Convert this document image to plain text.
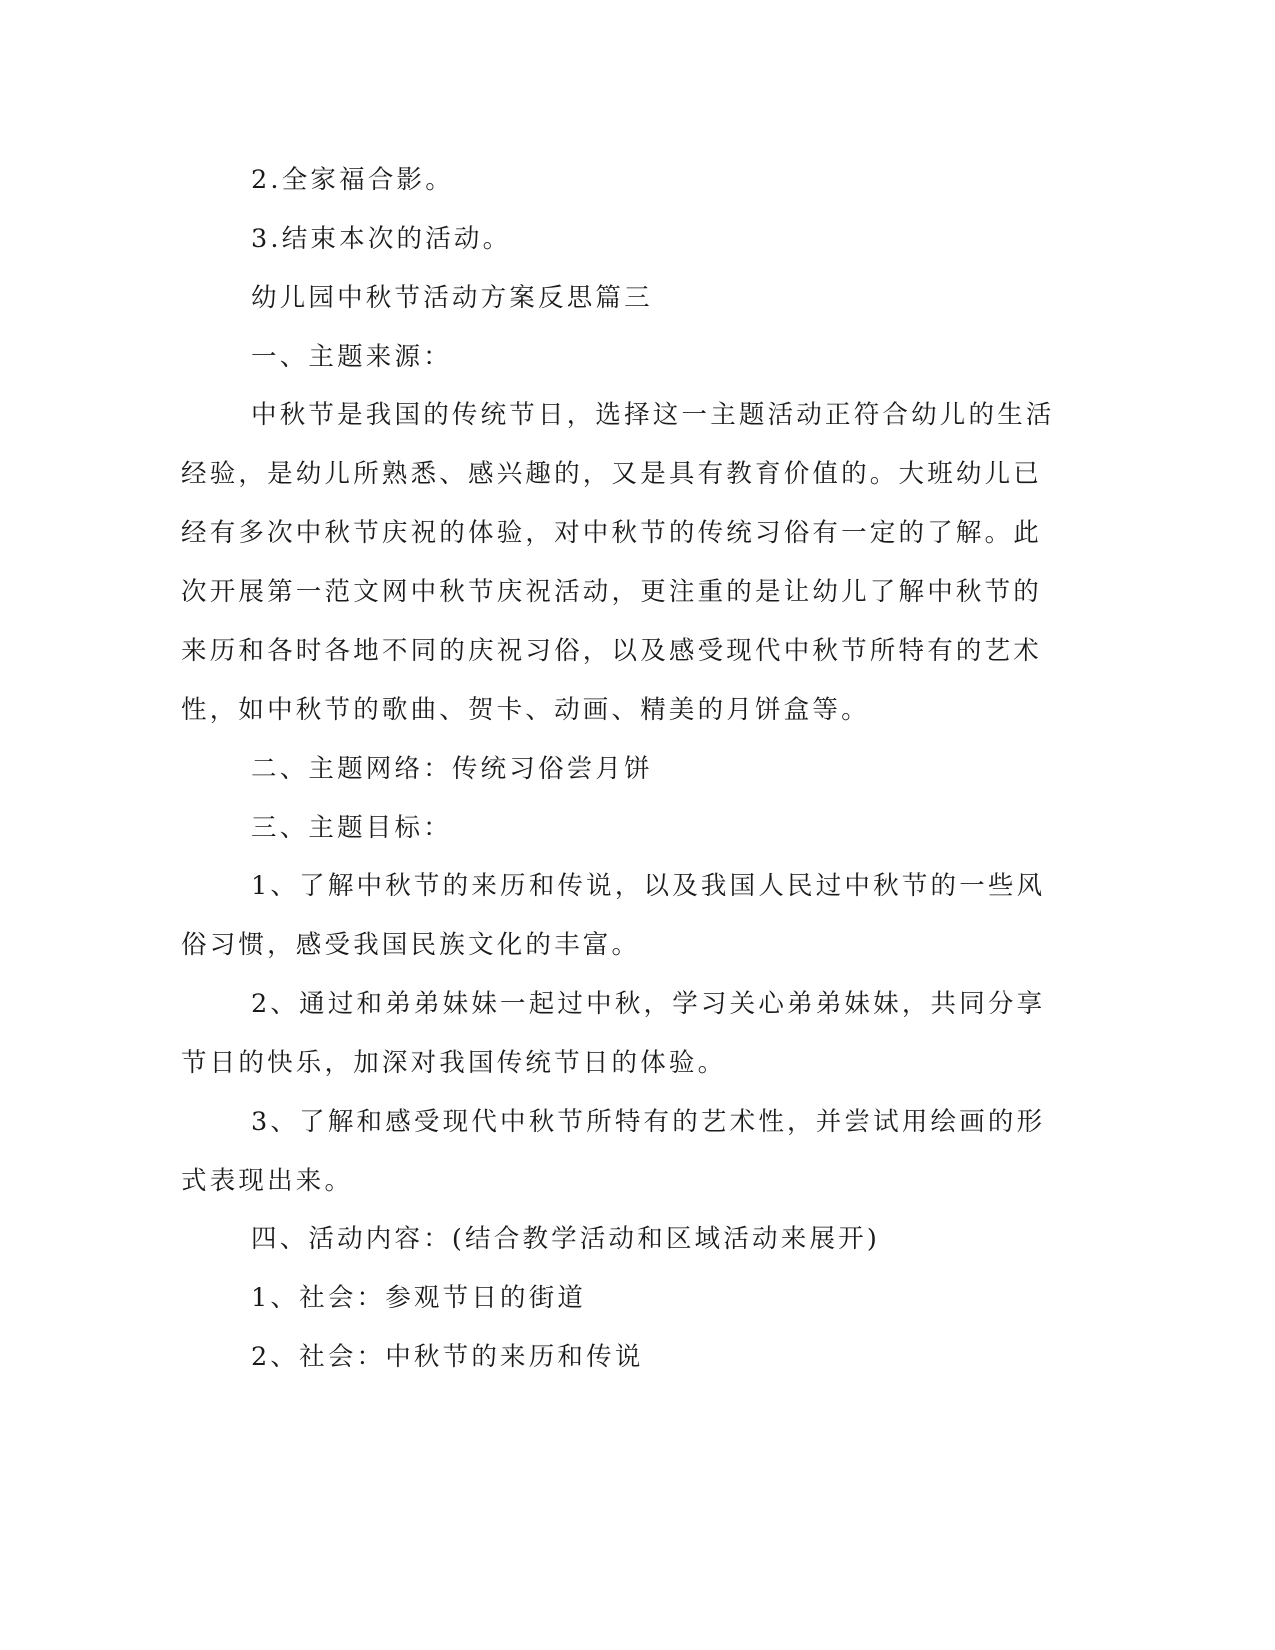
2.全家福合影。
3.结束本次的活动。
幼儿园中秋节活动方案反思篇三
一、主题来源：
中秋节是我国的传统节日，选择这一主题活动正符合幼儿的生活
经验，是幼儿所熟悉、感兴趣的，又是具有教育价值的。大班幼儿已
经有多次中秋节庆祝的体验，对中秋节的传统习俗有一定的了解。此
次开展第一范文网中秋节庆祝活动，更注重的是让幼儿了解中秋节的
来历和各时各地不同的庆祝习俗，以及感受现代中秋节所特有的艺术
性，如中秋节的歌曲、贺卡、动画、精美的月饼盒等。
二、主题网络：传统习俗尝月饼
三、主题目标：
1、了解中秋节的来历和传说，以及我国人民过中秋节的一些风
俗习惯，感受我国民族文化的丰富。
2、通过和弟弟妹妹一起过中秋，学习关心弟弟妹妹，共同分享
节日的快乐，加深对我国传统节日的体验。
3、了解和感受现代中秋节所特有的艺术性，并尝试用绘画的形
式表现出来。
四、活动内容：(结合教学活动和区域活动来展开)
1、社会：参观节日的街道
2、社会：中秋节的来历和传说
